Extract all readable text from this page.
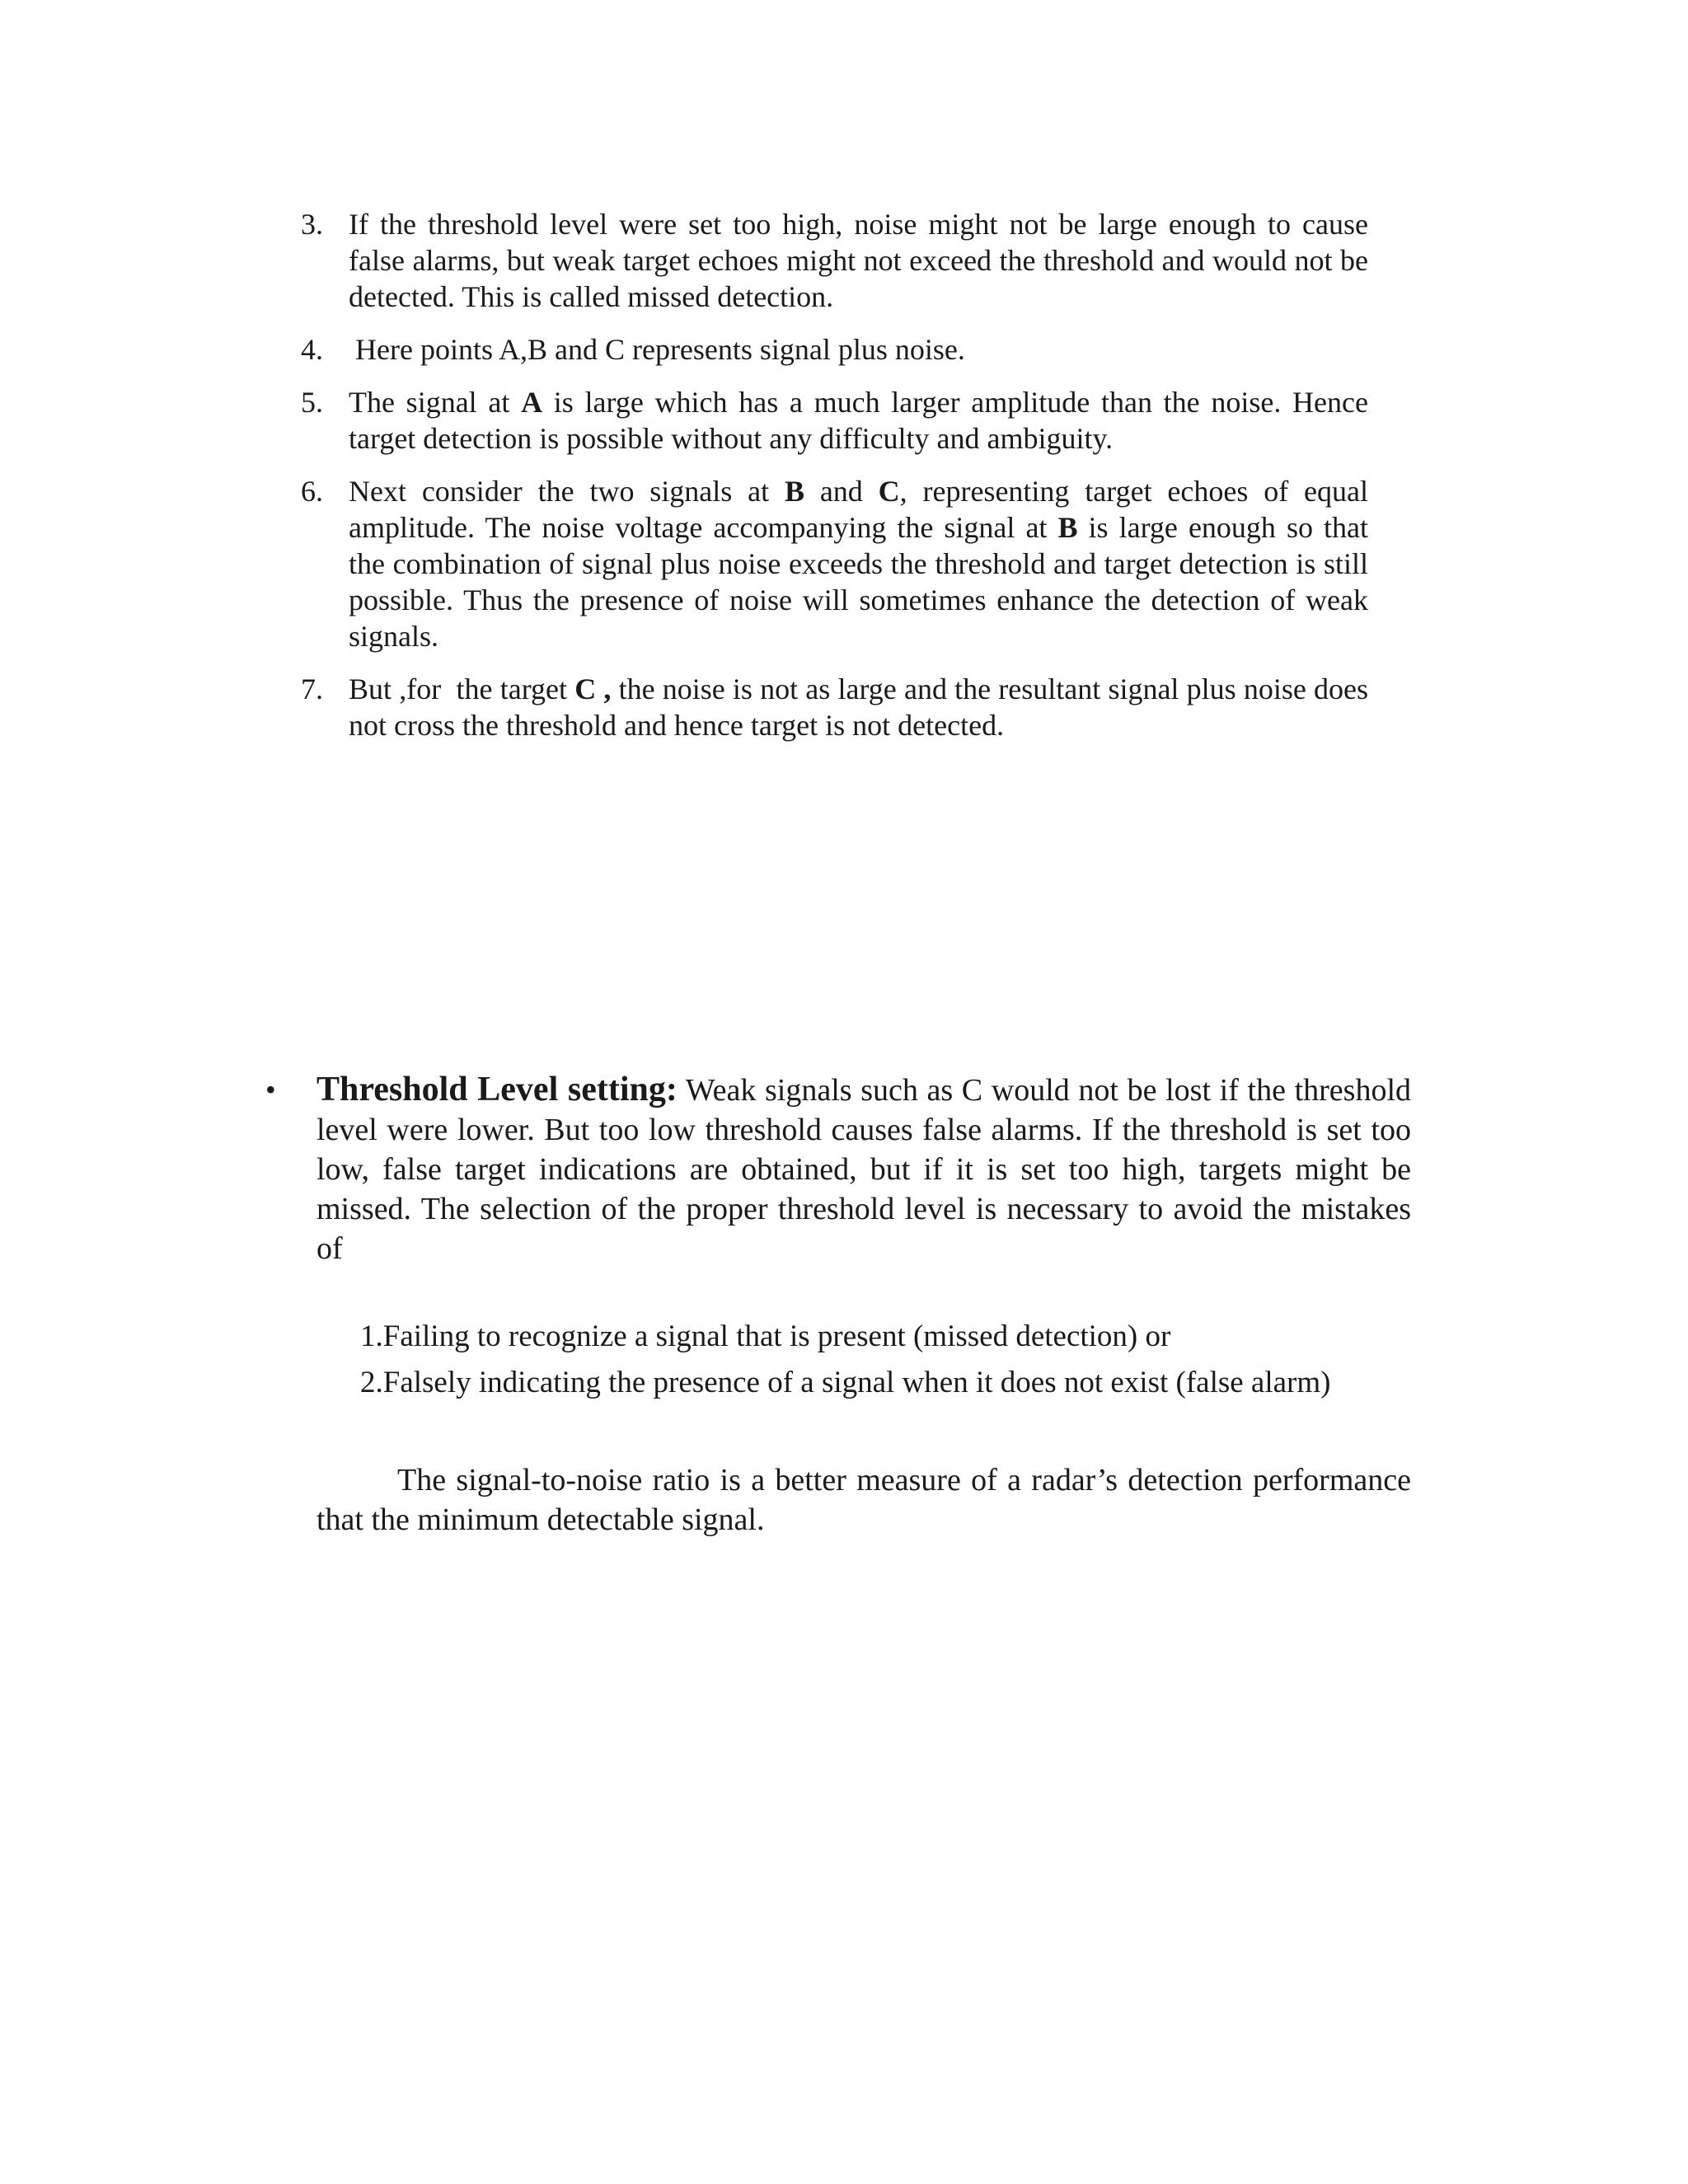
3. If the threshold level were set too high, noise might not be large enough to cause false alarms, but weak target echoes might not exceed the threshold and would not be detected. This is called missed detection.
4. Here points A,B and C represents signal plus noise.
5. The signal at A is large which has a much larger amplitude than the noise. Hence target detection is possible without any difficulty and ambiguity.
6. Next consider the two signals at B and C, representing target echoes of equal amplitude. The noise voltage accompanying the signal at B is large enough so that the combination of signal plus noise exceeds the threshold and target detection is still possible. Thus the presence of noise will sometimes enhance the detection of weak signals.
7. But ,for  the target C , the noise is not as large and the resultant signal plus noise does not cross the threshold and hence target is not detected.
• Threshold Level setting: Weak signals such as C would not be lost if the threshold level were lower. But too low threshold causes false alarms. If the threshold is set too low, false target indications are obtained, but if it is set too high, targets might be missed. The selection of the proper threshold level is necessary to avoid the mistakes of
1.Failing to recognize a signal that is present (missed detection) or
2.Falsely indicating the presence of a signal when it does not exist (false alarm)
The signal-to-noise ratio is a better measure of a radar’s detection performance that the minimum detectable signal.
